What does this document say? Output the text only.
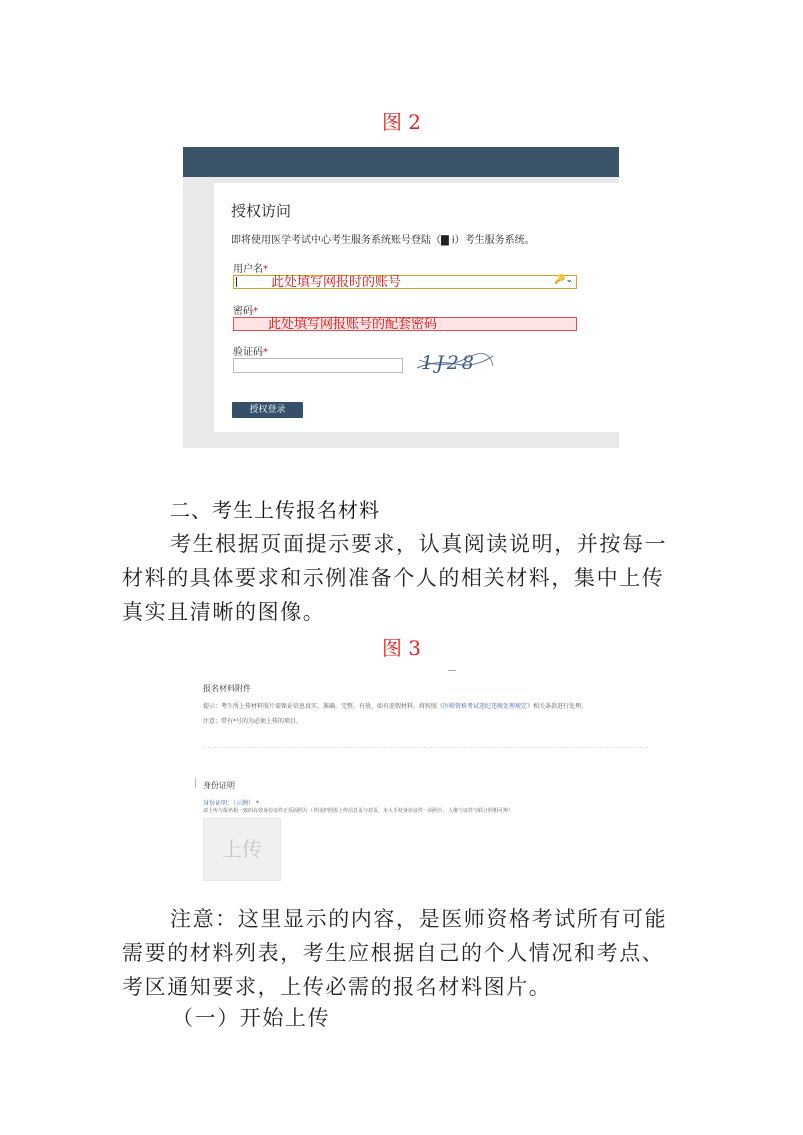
图 2
授权访问
即将使用医学考试中心考生服务系统账号登陆（▇ ⅰ）考生服务系统。
用户名*
此处填写网报时的账号	🔑⌄
密码*
此处填写网报账号的配套密码
验证码*	1J28
授权登录
二、考生上传报名材料
考生根据页面提示要求，认真阅读说明，并按每一材料的具体要求和示例准备个人的相关材料，集中上传真实且清晰的图像。
图 3
报名材料附件
提示：考生所上传材料照片需保证信息真实、准确、完整、有效，如有虚假材料，将按照《医师资格考试违纪违规处理规定》相关条款进行处理。
注意：带有*号的为必须上传的项目。
身份证明
身份证明：（示例） *
请上传与报名相一致的有效身份证件正反面照片（外国护照需上传信息页与封页，本人手持身份证件一面照片，人像与证件与联合照相可辨）
上传
注意：这里显示的内容，是医师资格考试所有可能需要的材料列表，考生应根据自己的个人情况和考点、考区通知要求，上传必需的报名材料图片。
（一）开始上传
